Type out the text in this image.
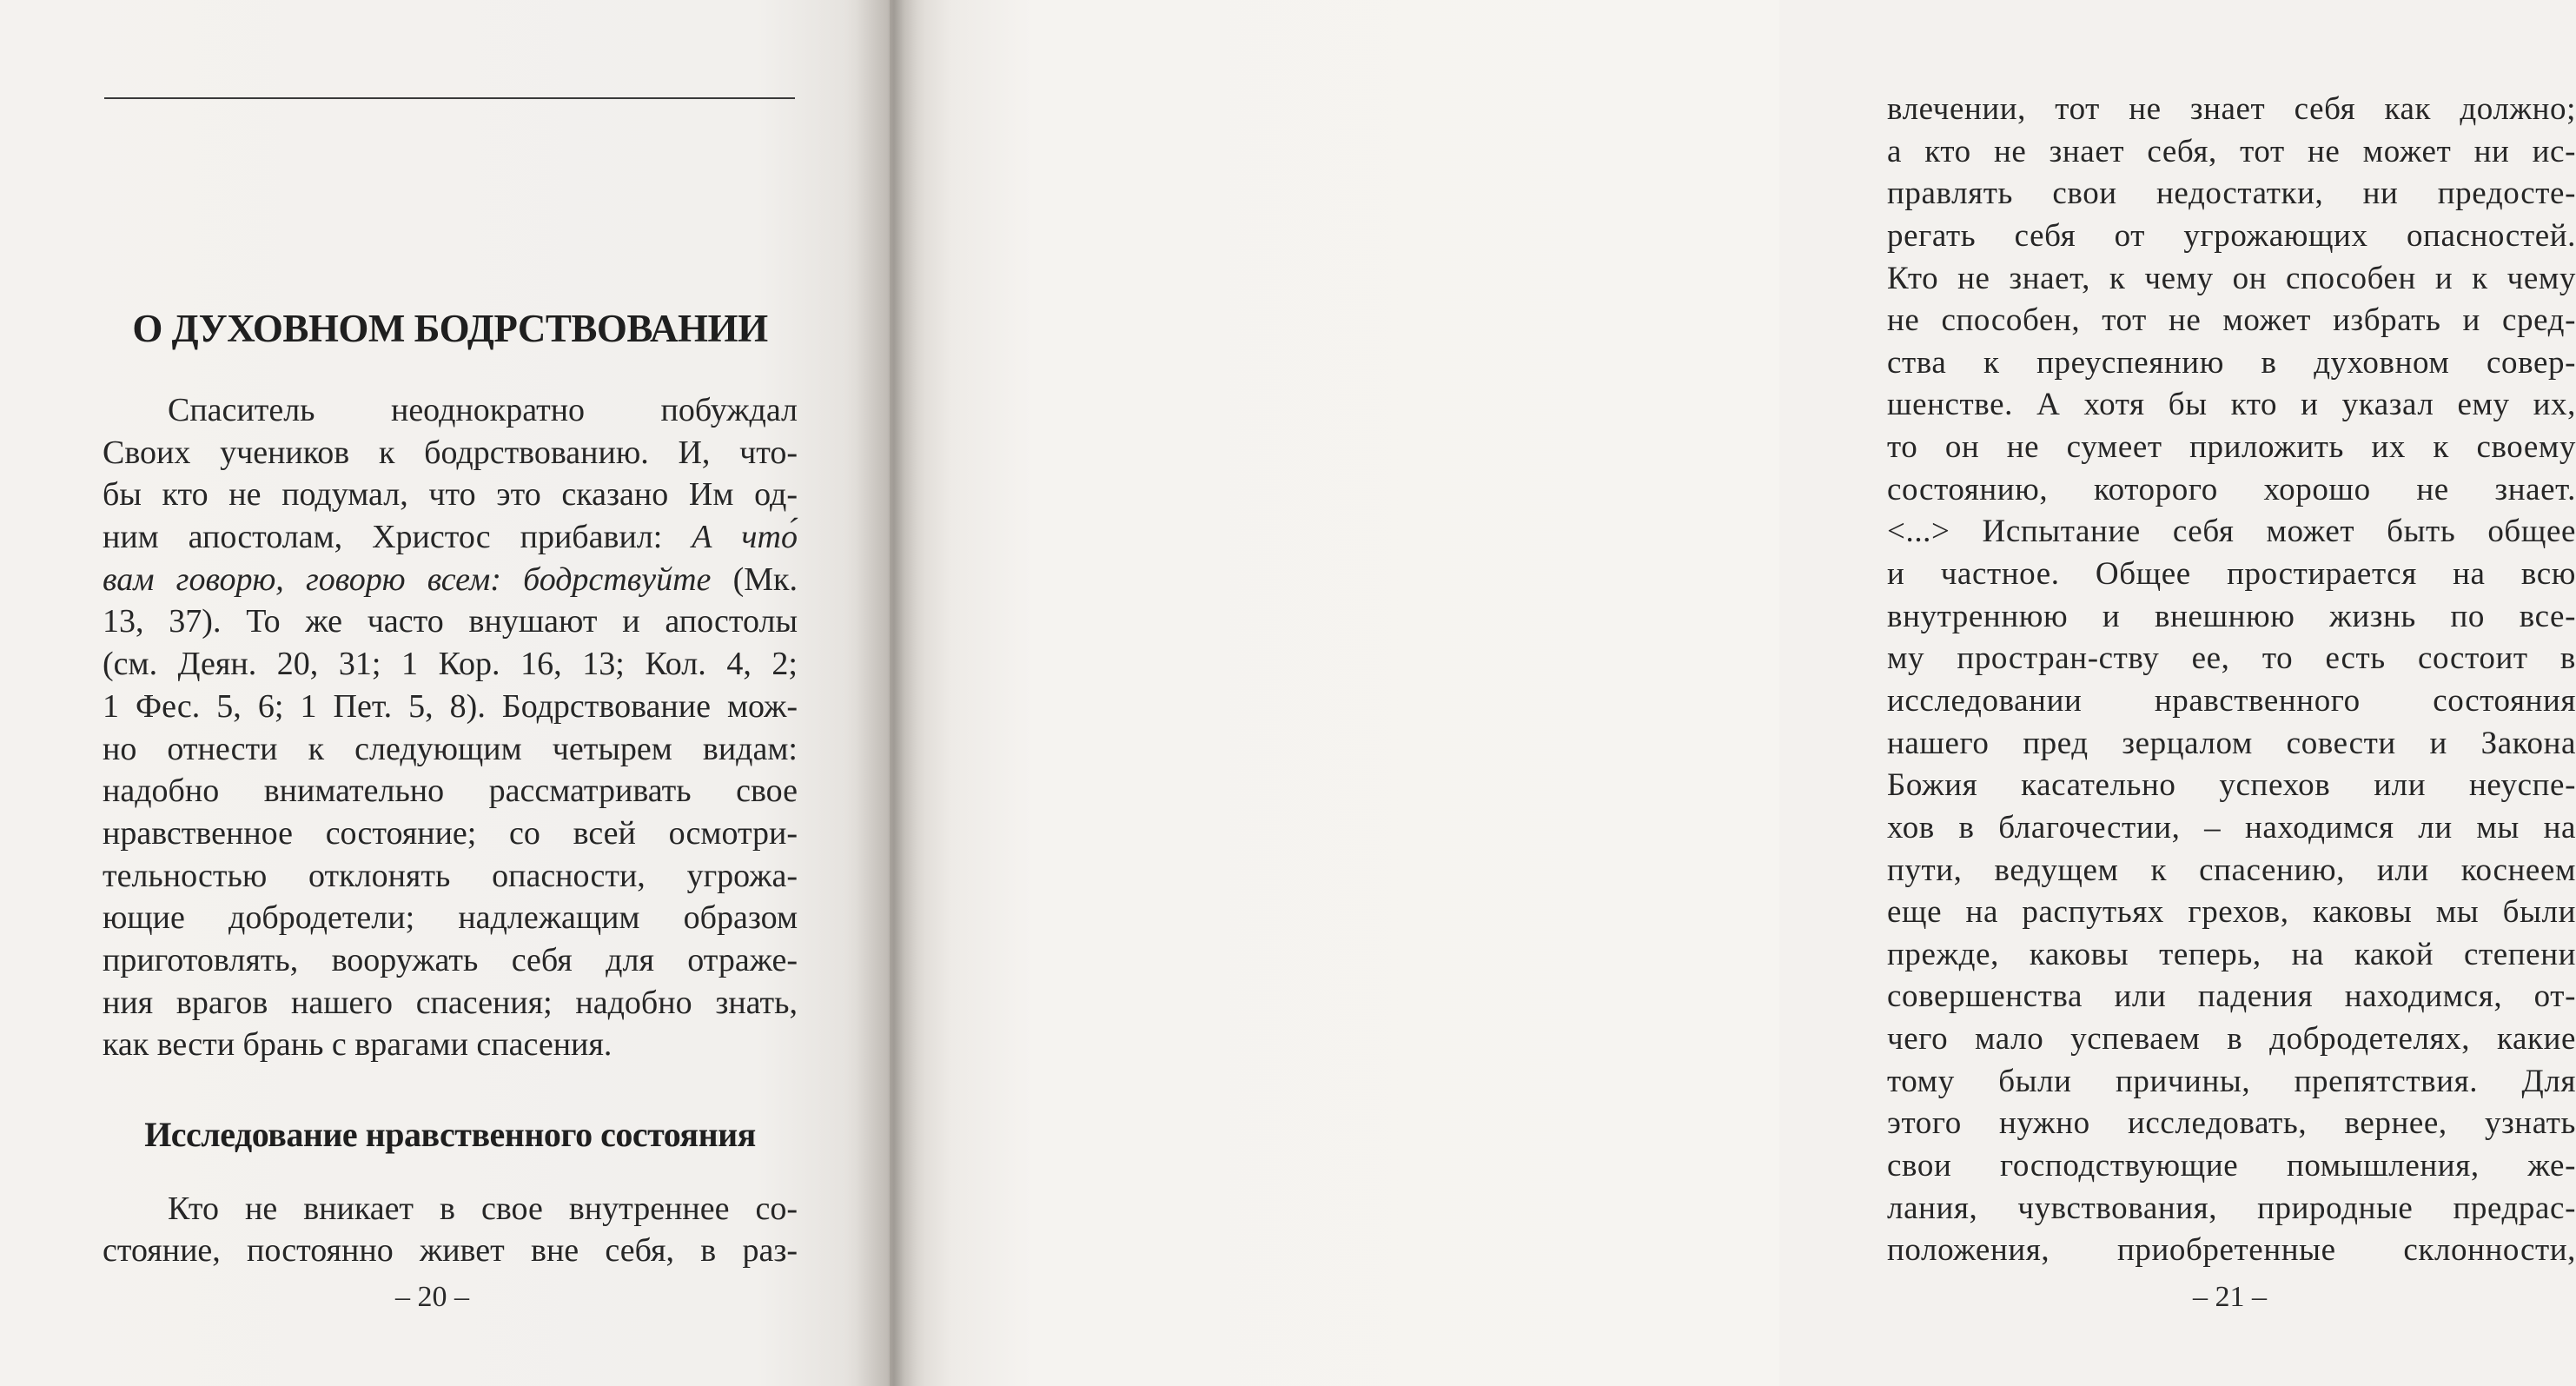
О ДУХОВНОМ БОДРСТВОВАНИИ
Спаситель неоднократно побуждал
Своих учеников к бодрствованию. И, что-
бы кто не подумал, что это сказано Им од-
ним апостолам, Христос прибавил: А что́
вам говорю, говорю всем: бодрствуйте (Мк.
13, 37). То же часто внушают и апостолы
(см. Деян. 20, 31; 1 Кор. 16, 13; Кол. 4, 2;
1 Фес. 5, 6; 1 Пет. 5, 8). Бодрствование мож-
но отнести к следующим четырем видам:
надобно внимательно рассматривать свое
нравственное состояние; со всей осмотри-
тельностью отклонять опасности, угрожа-
ющие добродетели; надлежащим образом
приготовлять, вооружать себя для отраже-
ния врагов нашего спасения; надобно знать,
как вести брань с врагами спасения.
Исследование нравственного состояния
Кто не вникает в свое внутреннее со-
стояние, постоянно живет вне себя, в раз-
– 20 –
влечении, тот не знает себя как должно;
а кто не знает себя, тот не может ни ис-
правлять свои недостатки, ни предосте-
регать себя от угрожающих опасностей.
Кто не знает, к чему он способен и к чему
не способен, тот не может избрать и сред-
ства к преуспеянию в духовном совер-
шенстве. А хотя бы кто и указал ему их,
то он не сумеет приложить их к своему
состоянию, которого хорошо не знает.
<...> Испытание себя может быть общее
и частное. Общее простирается на всю
внутреннюю и внешнюю жизнь по все-
му простран-ству ее, то есть состоит в
исследовании нравственного состояния
нашего пред зерцалом совести и Закона
Божия касательно успехов или неуспе-
хов в благочестии, – находимся ли мы на
пути, ведущем к спасению, или коснеем
еще на распутьях грехов, каковы мы были
прежде, каковы теперь, на какой степени
совершенства или падения находимся, от-
чего мало успеваем в добродетелях, какие
тому были причины, препятствия. Для
этого нужно исследовать, вернее, узнать
свои господствующие помышления, же-
лания, чувствования, природные предрас-
положения, приобретенные склонности,
– 21 –
